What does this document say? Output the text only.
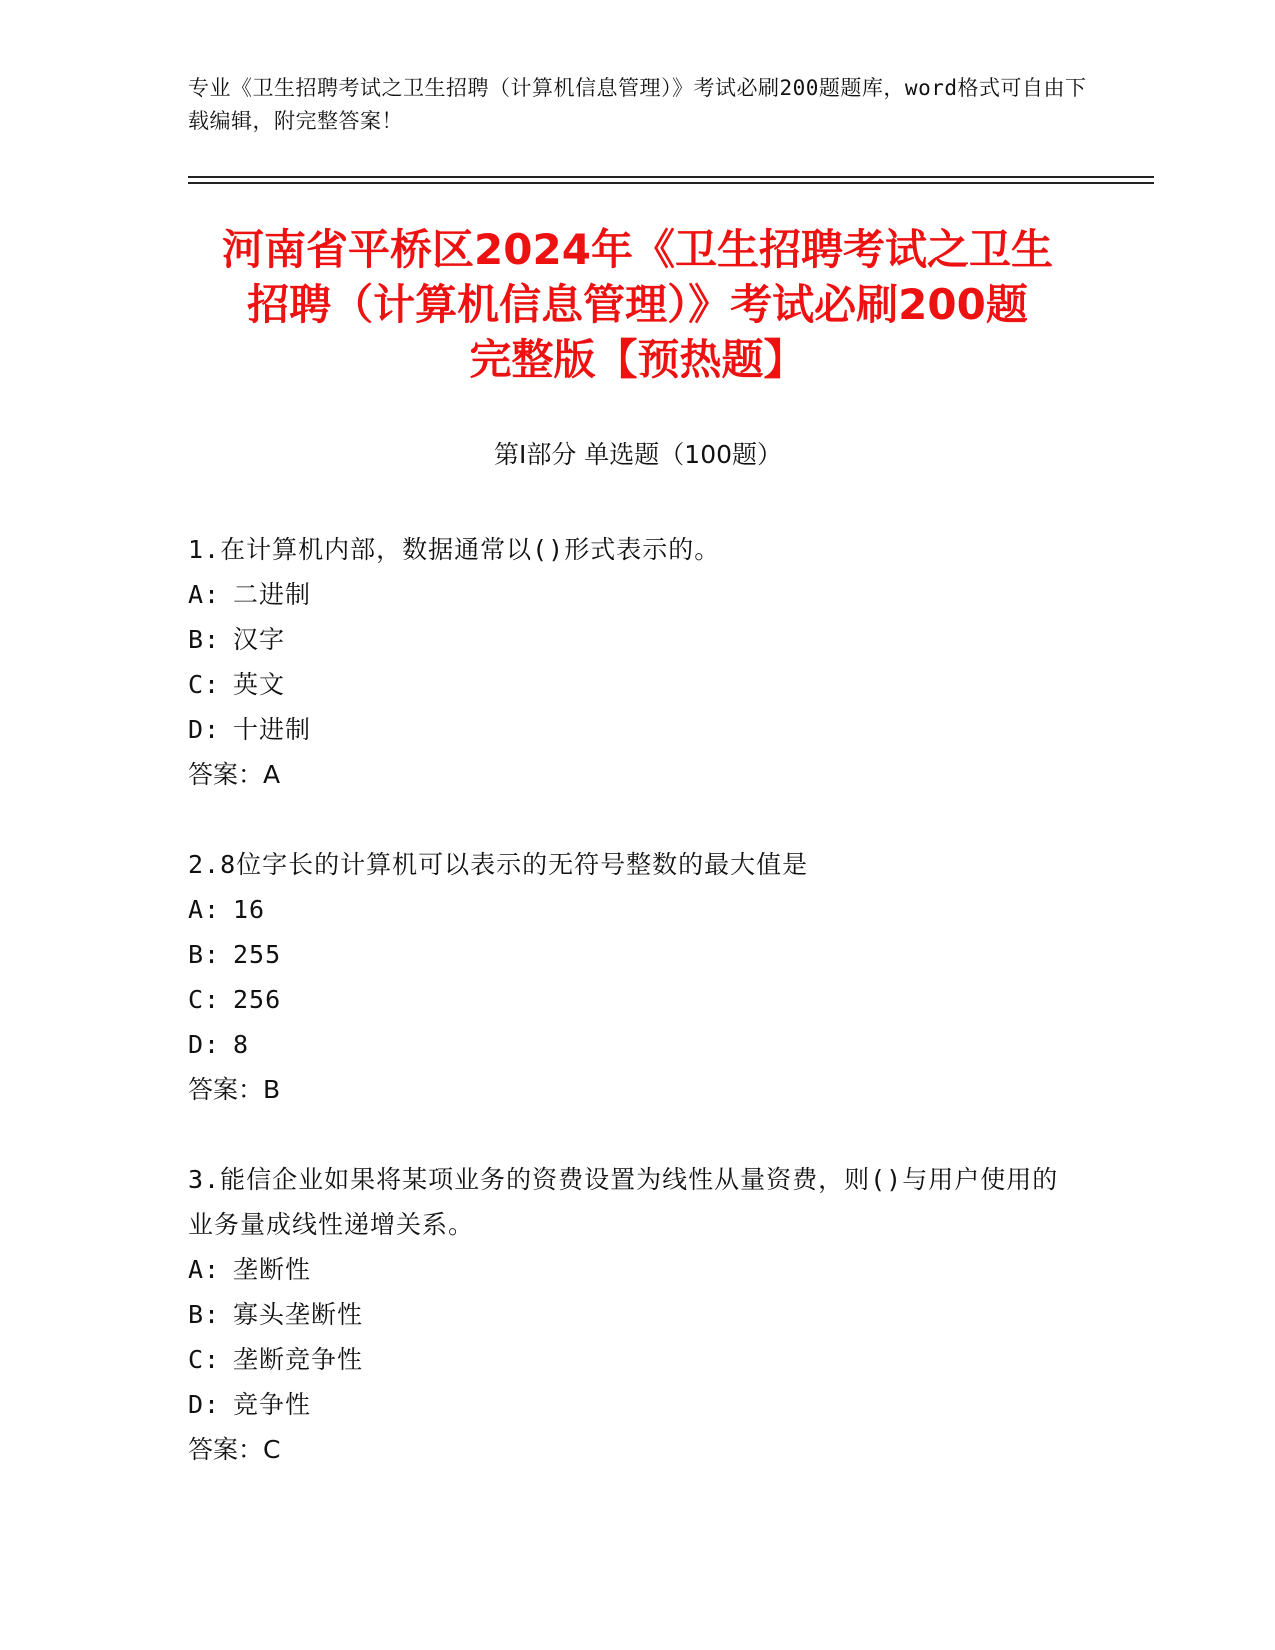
专业《卫生招聘考试之卫生招聘（计算机信息管理）》考试必刷200题题库，word格式可自由下载编辑，附完整答案！
河南省平桥区2024年《卫生招聘考试之卫生
招聘（计算机信息管理）》考试必刷200题
完整版【预热题】
第Ⅰ部分 单选题（100题）
1.在计算机内部，数据通常以()形式表示的。
A: 二进制
B: 汉字
C: 英文
D: 十进制
答案：A
2.8位字长的计算机可以表示的无符号整数的最大值是
A: 16
B: 255
C: 256
D: 8
答案：B
3.能信企业如果将某项业务的资费设置为线性从量资费，则()与用户使用的业务量成线性递增关系。
A: 垄断性
B: 寡头垄断性
C: 垄断竞争性
D: 竞争性
答案：C
